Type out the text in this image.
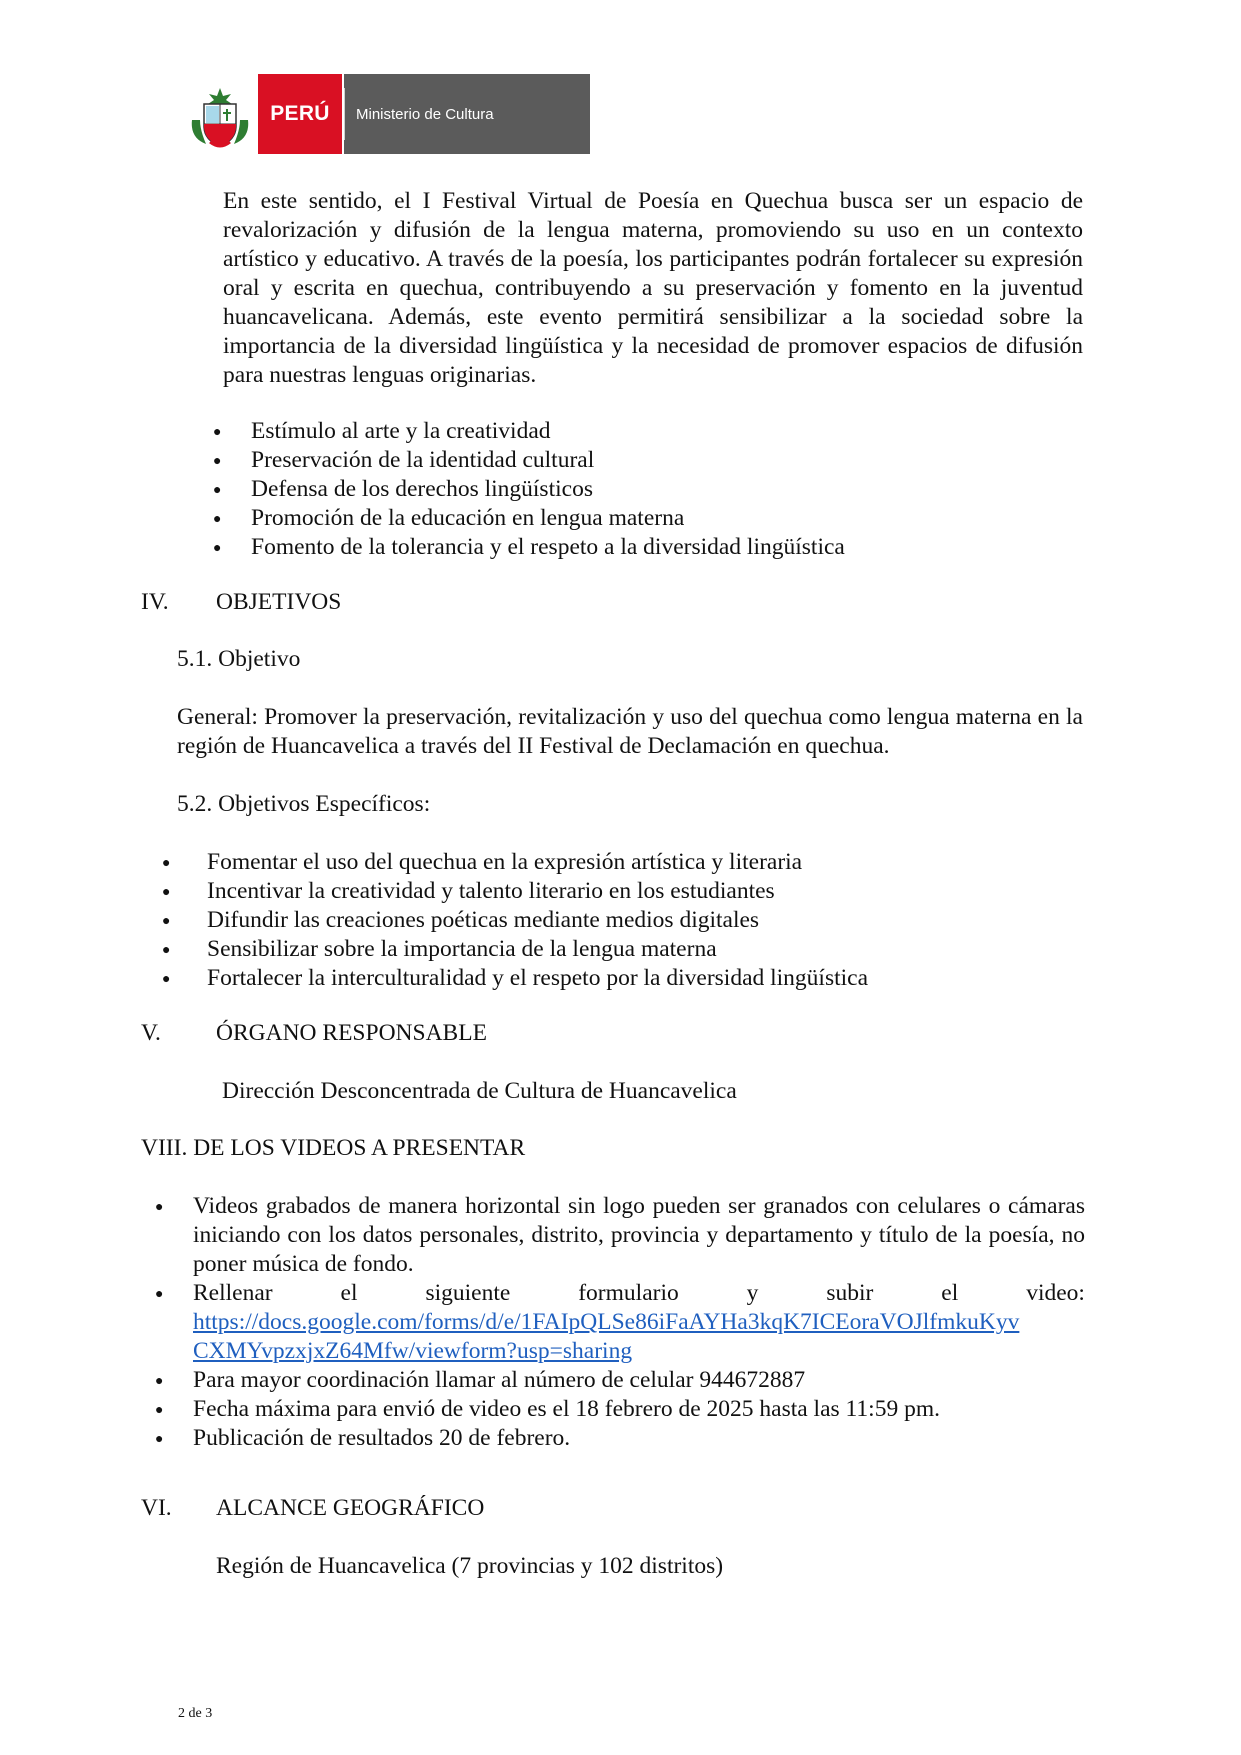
PERÚ	Ministerio de Cultura
En este sentido, el I Festival Virtual de Poesía en Quechua busca ser un espacio de revalorización y difusión de la lengua materna, promoviendo su uso en un contexto artístico y educativo. A través de la poesía, los participantes podrán fortalecer su expresión oral y escrita en quechua, contribuyendo a su preservación y fomento en la juventud huancavelicana. Además, este evento permitirá sensibilizar a la sociedad sobre la importancia de la diversidad lingüística y la necesidad de promover espacios de difusión para nuestras lenguas originarias.
● Estímulo al arte y la creatividad
● Preservación de la identidad cultural
● Defensa de los derechos lingüísticos
● Promoción de la educación en lengua materna
● Fomento de la tolerancia y el respeto a la diversidad lingüística
IV. OBJETIVOS
5.1. Objetivo
General: Promover la preservación, revitalización y uso del quechua como lengua materna en la región de Huancavelica a través del II Festival de Declamación en quechua.
5.2. Objetivos Específicos:
● Fomentar el uso del quechua en la expresión artística y literaria
● Incentivar la creatividad y talento literario en los estudiantes
● Difundir las creaciones poéticas mediante medios digitales
● Sensibilizar sobre la importancia de la lengua materna
● Fortalecer la interculturalidad y el respeto por la diversidad lingüística
V. ÓRGANO RESPONSABLE
Dirección Desconcentrada de Cultura de Huancavelica
VIII. DE LOS VIDEOS A PRESENTAR
● Videos grabados de manera horizontal sin logo pueden ser granados con celulares o cámaras iniciando con los datos personales, distrito, provincia y departamento y título de la poesía, no poner música de fondo.
● Rellenar	el	siguiente	formulario	y	subir	el	video:
https://docs.google.com/forms/d/e/1FAIpQLSe86iFaAYHa3kqK7ICEoraVOJlfmkuKyv
CXMYvpzxjxZ64Mfw/viewform?usp=sharing
● Para mayor coordinación llamar al número de celular 944672887
● Fecha máxima para envió de video es el 18 febrero de 2025 hasta las 11:59 pm.
● Publicación de resultados 20 de febrero.
VI. ALCANCE GEOGRÁFICO
Región de Huancavelica (7 provincias y 102 distritos)
2 de 3
